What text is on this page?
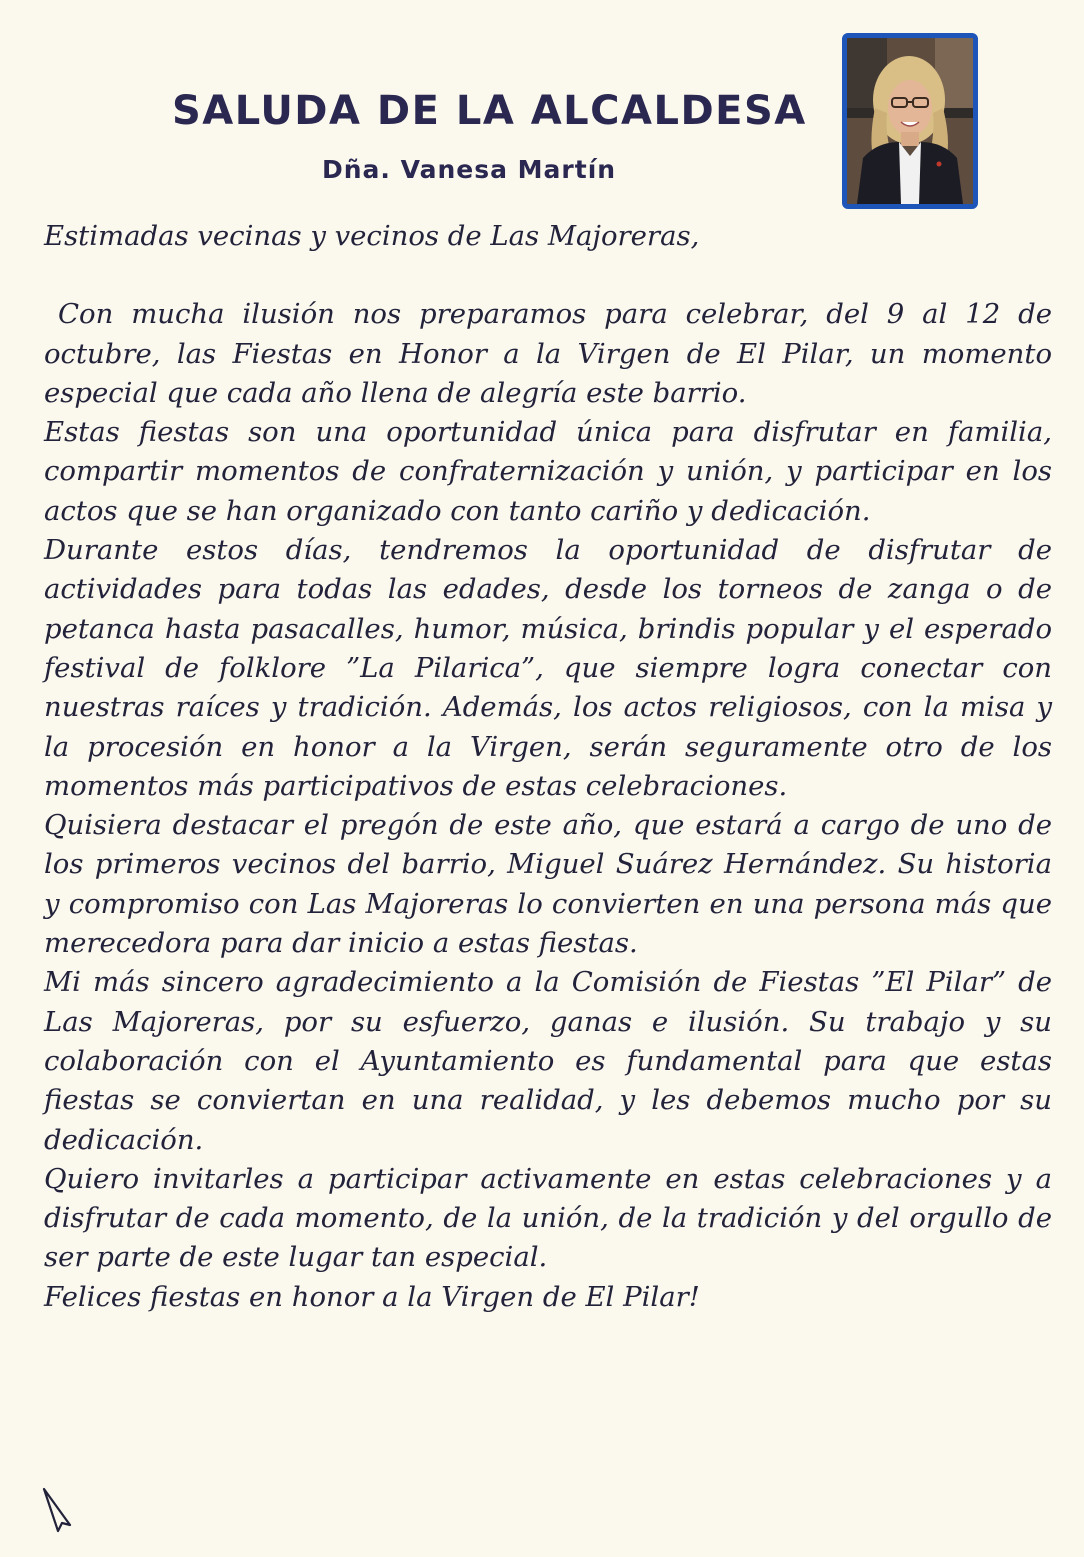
SALUDA DE LA ALCALDESA
Dña. Vanesa Martín

Estimadas vecinas y vecinos de Las Majoreras,

Con mucha ilusión nos preparamos para celebrar, del 9 al 12 de octubre, las Fiestas en Honor a la Virgen de El Pilar, un momento especial que cada año llena de alegría este barrio.

Estas fiestas son una oportunidad única para disfrutar en familia, compartir momentos de confraternización y unión, y participar en los actos que se han organizado con tanto cariño y dedicación.

Durante estos días, tendremos la oportunidad de disfrutar de actividades para todas las edades, desde los torneos de zanga o de petanca hasta pasacalles, humor, música, brindis popular y el esperado festival de folklore ”La Pilarica”, que siempre logra conectar con nuestras raíces y tradición. Además, los actos religiosos, con la misa y la procesión en honor a la Virgen, serán seguramente otro de los momentos más participativos de estas celebraciones.

Quisiera destacar el pregón de este año, que estará a cargo de uno de los primeros vecinos del barrio, Miguel Suárez Hernández. Su historia y compromiso con Las Majoreras lo convierten en una persona más que merecedora para dar inicio a estas fiestas.

Mi más sincero agradecimiento a la Comisión de Fiestas ”El Pilar” de Las Majoreras, por su esfuerzo, ganas e ilusión. Su trabajo y su colaboración con el Ayuntamiento es fundamental para que estas fiestas se conviertan en una realidad, y les debemos mucho por su dedicación.

Quiero invitarles a participar activamente en estas celebraciones y a disfrutar de cada momento, de la unión, de la tradición y del orgullo de ser parte de este lugar tan especial.

Felices fiestas en honor a la Virgen de El Pilar!
